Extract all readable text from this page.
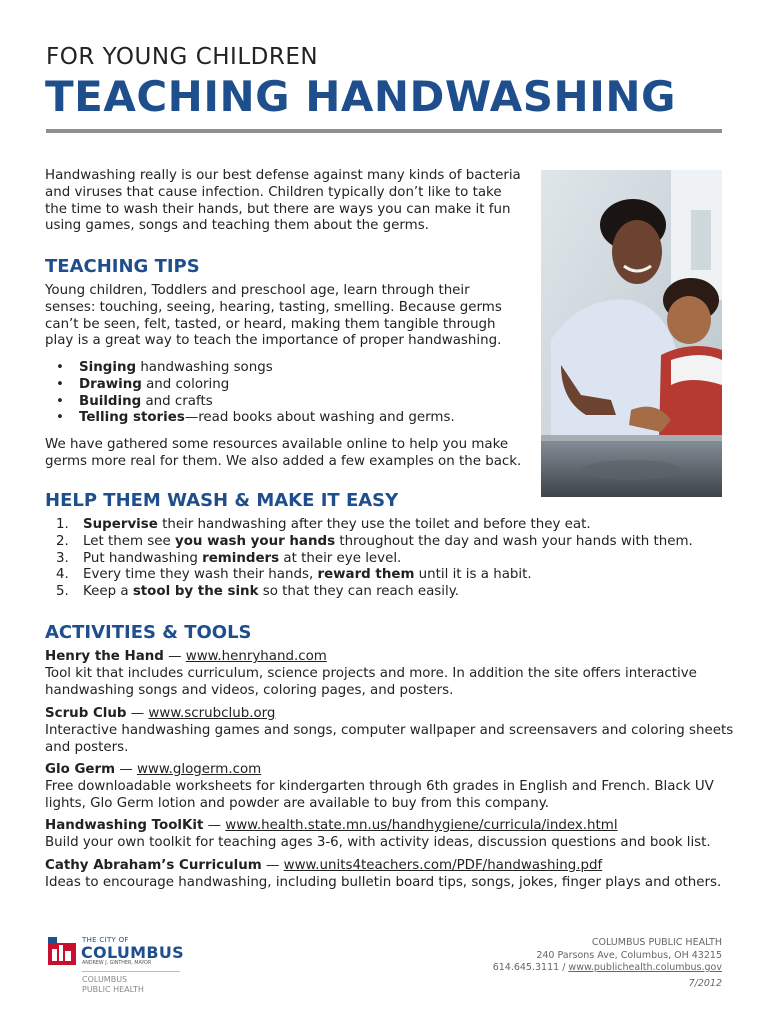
FOR YOUNG CHILDREN
TEACHING HANDWASHING
Handwashing really is our best defense against many kinds of bacteria and viruses that cause infection. Children typically don’t like to take the time to wash their hands, but there are ways you can make it fun using games, songs and teaching them about the germs.
TEACHING TIPS
Young children, Toddlers and preschool age, learn through their senses: touching, seeing, hearing, tasting, smelling. Because germs can’t be seen, felt, tasted, or heard, making them tangible through play is a great way to teach the importance of proper handwashing.
• Singing handwashing songs
• Drawing and coloring
• Building and crafts
• Telling stories—read books about washing and germs.
We have gathered some resources available online to help you make germs more real for them. We also added a few examples on the back.
HELP THEM WASH & MAKE IT EASY
1. Supervise their handwashing after they use the toilet and before they eat.
2. Let them see you wash your hands throughout the day and wash your hands with them.
3. Put handwashing reminders at their eye level.
4. Every time they wash their hands, reward them until it is a habit.
5. Keep a stool by the sink so that they can reach easily.
ACTIVITIES & TOOLS
Henry the Hand — www.henryhand.com
Tool kit that includes curriculum, science projects and more. In addition the site offers interactive handwashing songs and videos, coloring pages, and posters.
Scrub Club — www.scrubclub.org
Interactive handwashing games and songs, computer wallpaper and screensavers and coloring sheets and posters.
Glo Germ — www.glogerm.com
Free downloadable worksheets for kindergarten through 6th grades in English and French. Black UV lights, Glo Germ lotion and powder are available to buy from this company.
Handwashing ToolKit — www.health.state.mn.us/handhygiene/curricula/index.html
Build your own toolkit for teaching ages 3-6, with activity ideas, discussion questions and book list.
Cathy Abraham’s Curriculum — www.units4teachers.com/PDF/handwashing.pdf
Ideas to encourage handwashing, including bulletin board tips, songs, jokes, finger plays and others.
THE CITY OF
COLUMBUS
ANDREW J. GINTHER, MAYOR
COLUMBUS
PUBLIC HEALTH
COLUMBUS PUBLIC HEALTH
240 Parsons Ave, Columbus, OH 43215
614.645.3111 / www.publichealth.columbus.gov
7/2012
